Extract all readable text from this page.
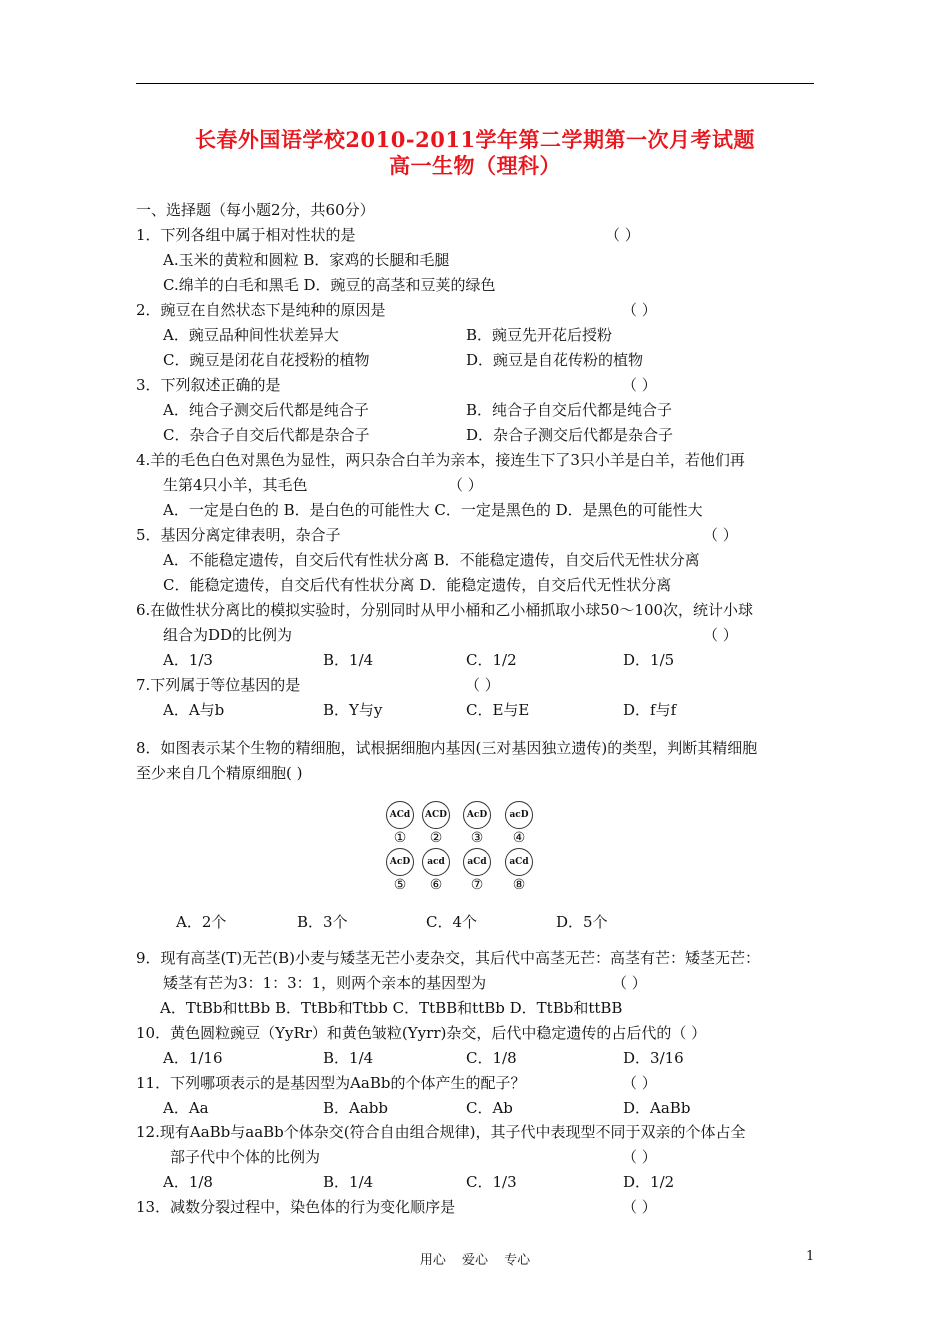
长春外国语学校2010-2011学年第二学期第一次月考试题
高一生物（理科）
一、选择题（每小题2分，共60分）
1．下列各组中属于相对性状的是	（ ）
A.玉米的黄粒和圆粒 B．家鸡的长腿和毛腿
C.绵羊的白毛和黑毛 D．豌豆的高茎和豆荚的绿色
2．豌豆在自然状态下是纯种的原因是	（ ）
A．豌豆品种间性状差异大	B．豌豆先开花后授粉
C．豌豆是闭花自花授粉的植物	D．豌豆是自花传粉的植物
3．下列叙述正确的是	（ ）
A．纯合子测交后代都是纯合子	B．纯合子自交后代都是纯合子
C．杂合子自交后代都是杂合子	D．杂合子测交后代都是杂合子
4.羊的毛色白色对黑色为显性，两只杂合白羊为亲本，接连生下了3只小羊是白羊，若他们再
生第4只小羊，其毛色	（ ）
A．一定是白色的 B．是白色的可能性大 C．一定是黑色的 D．是黑色的可能性大
5．基因分离定律表明，杂合子	（ ）
A．不能稳定遗传，自交后代有性状分离 B．不能稳定遗传，自交后代无性状分离
C．能稳定遗传，自交后代有性状分离 D．能稳定遗传，自交后代无性状分离
6.在做性状分离比的模拟实验时，分别同时从甲小桶和乙小桶抓取小球50～100次，统计小球
组合为DD的比例为	（ ）
A．1/3	B．1/4	C．1/2	D．1/5
7.下列属于等位基因的是	（ ）
A．A与b	B．Y与y	C．E与E	D．f与f
8．如图表示某个生物的精细胞，试根据细胞内基因(三对基因独立遗传)的类型，判断其精细胞
至少来自几个精原细胞( )
ACd	ACD	AcD	acD
①	②	③	④
AcD	acd	aCd	aCd
⑤	⑥	⑦	⑧
A．2个	B．3个	C．4个	D．5个
9．现有高茎(T)无芒(B)小麦与矮茎无芒小麦杂交，其后代中高茎无芒：高茎有芒：矮茎无芒：
矮茎有芒为3：1：3：1，则两个亲本的基因型为	（ ）
A．TtBb和ttBb B．TtBb和Ttbb C．TtBB和ttBb D．TtBb和ttBB
10．黄色圆粒豌豆（YyRr）和黄色皱粒(Yyrr)杂交，后代中稳定遗传的占后代的（ ）
A．1/16	B．1/4	C．1/8	D．3/16
11．下列哪项表示的是基因型为AaBb的个体产生的配子？	（ ）
A．Aa	B．Aabb	C．Ab	D．AaBb
12.现有AaBb与aaBb个体杂交(符合自由组合规律)，其子代中表现型不同于双亲的个体占全
部子代中个体的比例为	（ ）
A．1/8	B．1/4	C．1/3	D．1/2
13．减数分裂过程中，染色体的行为变化顺序是	（ ）
用心 爱心 专心	1
